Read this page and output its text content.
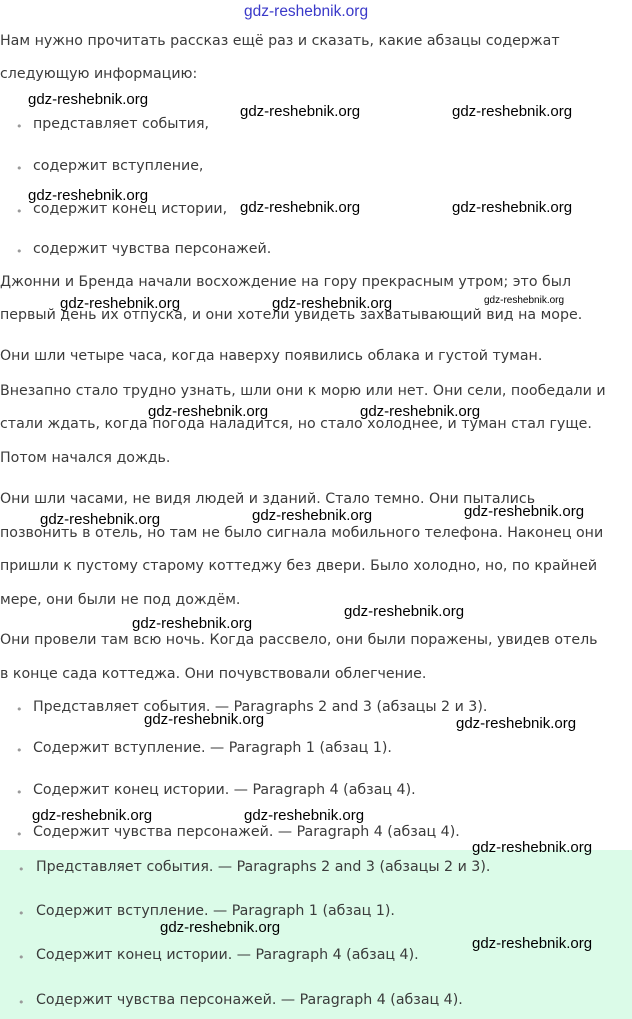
Нам нужно прочитать рассказ ещё раз и сказать, какие абзацы содержат
следующую информацию:
• представляет события,
• содержит вступление,
• содержит конец истории,
• содержит чувства персонажей.
Джонни и Бренда начали восхождение на гору прекрасным утром; это был
первый день их отпуска, и они хотели увидеть захватывающий вид на море.
Они шли четыре часа, когда наверху появились облака и густой туман.
Внезапно стало трудно узнать, шли они к морю или нет. Они сели, пообедали и
стали ждать, когда погода наладится, но стало холоднее, и туман стал гуще.
Потом начался дождь.
Они шли часами, не видя людей и зданий. Стало темно. Они пытались
позвонить в отель, но там не было сигнала мобильного телефона. Наконец они
пришли к пустому старому коттеджу без двери. Было холодно, но, по крайней
мере, они были не под дождём.
Они провели там всю ночь. Когда рассвело, они были поражены, увидев отель
в конце сада коттеджа. Они почувствовали облегчение.
• Представляет события. — Paragraphs 2 and 3 (абзацы 2 и 3).
• Содержит вступление. — Paragraph 1 (абзац 1).
• Содержит конец истории. — Paragraph 4 (абзац 4).
• Содержит чувства персонажей. — Paragraph 4 (абзац 4).
• Представляет события. — Paragraphs 2 and 3 (абзацы 2 и 3).
• Содержит вступление. — Paragraph 1 (абзац 1).
• Содержит конец истории. — Paragraph 4 (абзац 4).
• Содержит чувства персонажей. — Paragraph 4 (абзац 4).
gdz-reshebnik.org
gdz-reshebnik.org
gdz-reshebnik.org	gdz-reshebnik.org
gdz-reshebnik.org
gdz-reshebnik.org	gdz-reshebnik.org
gdz-reshebnik.org	gdz-reshebnik.org	gdz-reshebnik.org
gdz-reshebnik.org	gdz-reshebnik.org
gdz-reshebnik.org	gdz-reshebnik.org	gdz-reshebnik.org
gdz-reshebnik.org
gdz-reshebnik.org
gdz-reshebnik.org	gdz-reshebnik.org
gdz-reshebnik.org	gdz-reshebnik.org
gdz-reshebnik.org
gdz-reshebnik.org
gdz-reshebnik.org
